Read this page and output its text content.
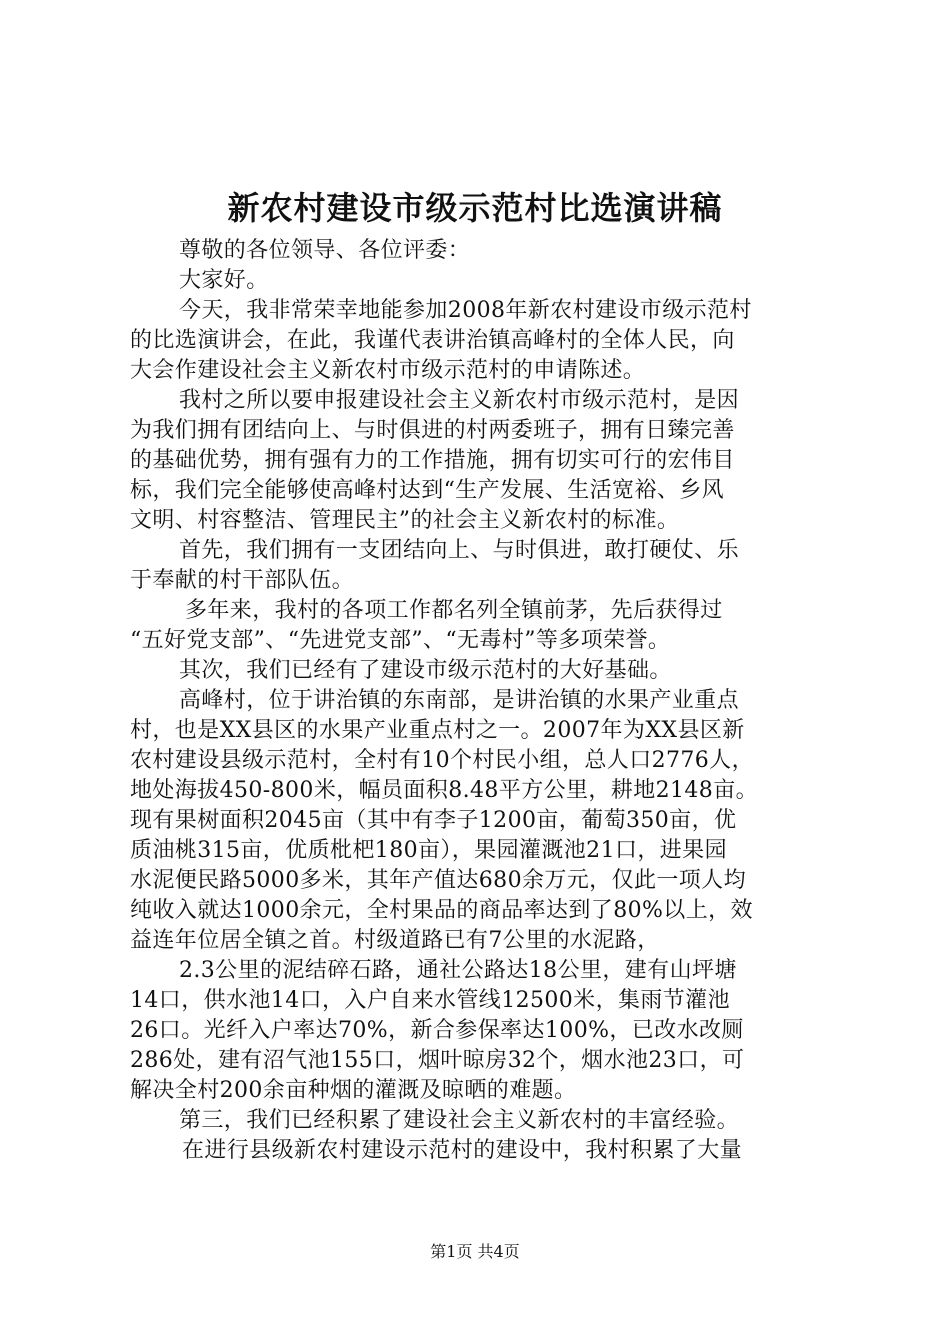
新农村建设市级示范村比选演讲稿
尊敬的各位领导、各位评委：
大家好。
今天，我非常荣幸地能参加2008年新农村建设市级示范村
的比选演讲会，在此，我谨代表讲治镇高峰村的全体人民，向
大会作建设社会主义新农村市级示范村的申请陈述。
我村之所以要申报建设社会主义新农村市级示范村，是因
为我们拥有团结向上、与时俱进的村两委班子，拥有日臻完善
的基础优势，拥有强有力的工作措施，拥有切实可行的宏伟目
标，我们完全能够使高峰村达到“生产发展、生活宽裕、乡风
文明、村容整洁、管理民主”的社会主义新农村的标准。
首先，我们拥有一支团结向上、与时俱进，敢打硬仗、乐
于奉献的村干部队伍。
多年来，我村的各项工作都名列全镇前茅，先后获得过
“五好党支部”、“先进党支部”、“无毒村”等多项荣誉。
其次，我们已经有了建设市级示范村的大好基础。
高峰村，位于讲治镇的东南部，是讲治镇的水果产业重点
村，也是XX县区的水果产业重点村之一。2007年为XX县区新
农村建设县级示范村，全村有10个村民小组，总人口2776人，
地处海拔450-800米，幅员面积8.48平方公里，耕地2148亩。
现有果树面积2045亩（其中有李子1200亩，葡萄350亩，优
质油桃315亩，优质枇杷180亩），果园灌溉池21口，进果园
水泥便民路5000多米，其年产值达680余万元，仅此一项人均
纯收入就达1000余元，全村果品的商品率达到了80%以上，效
益连年位居全镇之首。村级道路已有7公里的水泥路，
2.3公里的泥结碎石路，通社公路达18公里，建有山坪塘
14口，供水池14口，入户自来水管线12500米，集雨节灌池
26口。光纤入户率达70%，新合参保率达100%，已改水改厕
286处，建有沼气池155口，烟叶晾房32个，烟水池23口，可
解决全村200余亩种烟的灌溉及晾晒的难题。
第三，我们已经积累了建设社会主义新农村的丰富经验。
在进行县级新农村建设示范村的建设中，我村积累了大量
第1页 共4页
